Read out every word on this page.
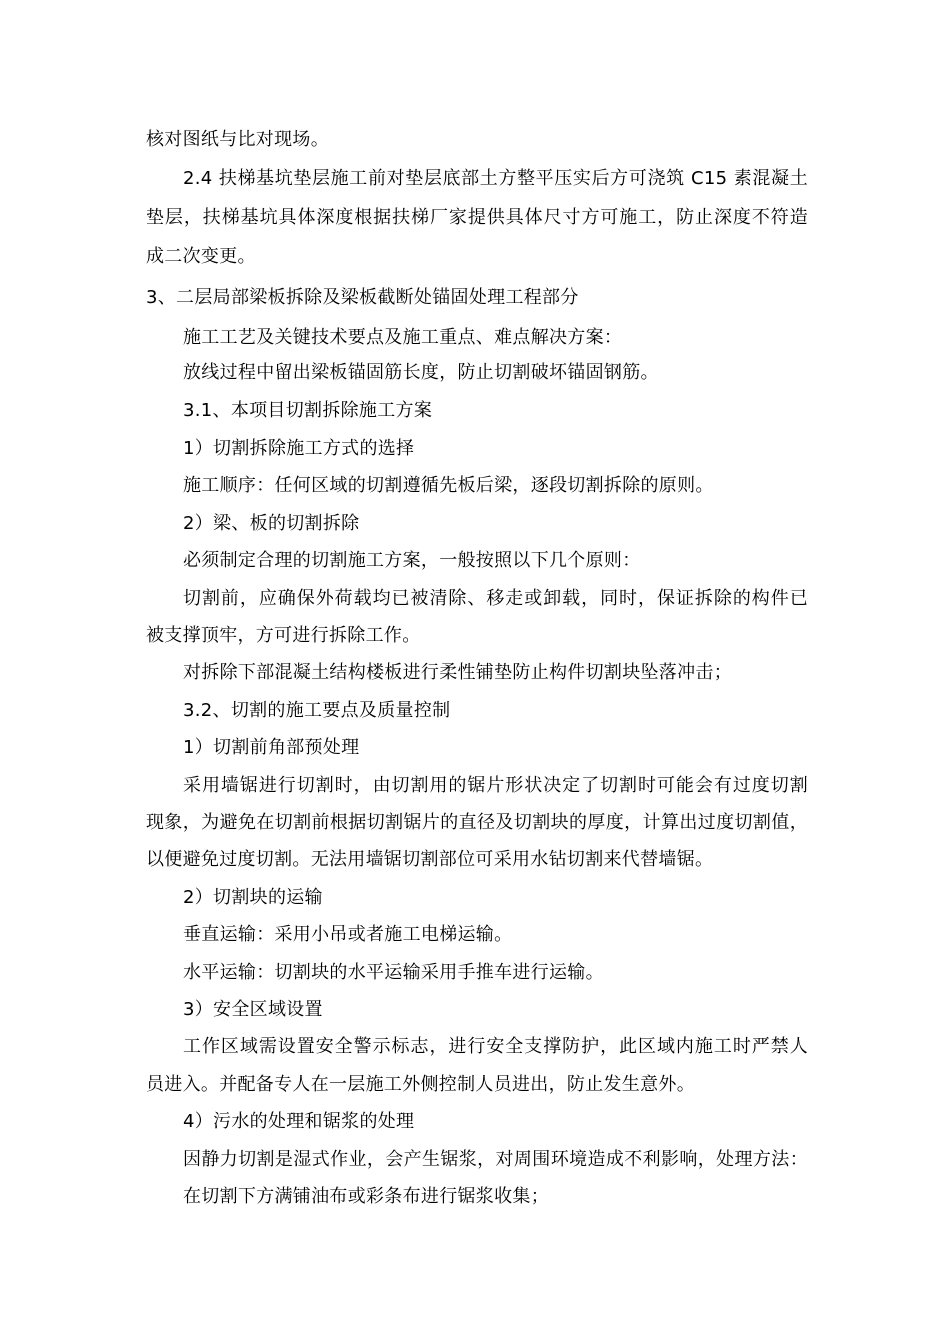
核对图纸与比对现场。
2.4 扶梯基坑垫层施工前对垫层底部土方整平压实后方可浇筑 C15 素混凝土
垫层，扶梯基坑具体深度根据扶梯厂家提供具体尺寸方可施工，防止深度不符造
成二次变更。
3、二层局部梁板拆除及梁板截断处锚固处理工程部分
施工工艺及关键技术要点及施工重点、难点解决方案：
放线过程中留出梁板锚固筋长度，防止切割破坏锚固钢筋。
3.1、本项目切割拆除施工方案
1）切割拆除施工方式的选择
施工顺序：任何区域的切割遵循先板后梁，逐段切割拆除的原则。
2）梁、板的切割拆除
必须制定合理的切割施工方案，一般按照以下几个原则：
切割前，应确保外荷载均已被清除、移走或卸载，同时，保证拆除的构件已
被支撑顶牢，方可进行拆除工作。
对拆除下部混凝土结构楼板进行柔性铺垫防止构件切割块坠落冲击；
3.2、切割的施工要点及质量控制
1）切割前角部预处理
采用墙锯进行切割时，由切割用的锯片形状决定了切割时可能会有过度切割
现象，为避免在切割前根据切割锯片的直径及切割块的厚度，计算出过度切割值，
以便避免过度切割。无法用墙锯切割部位可采用水钻切割来代替墙锯。
2）切割块的运输
垂直运输：采用小吊或者施工电梯运输。
水平运输：切割块的水平运输采用手推车进行运输。
3）安全区域设置
工作区域需设置安全警示标志，进行安全支撑防护，此区域内施工时严禁人
员进入。并配备专人在一层施工外侧控制人员进出，防止发生意外。
4）污水的处理和锯浆的处理
因静力切割是湿式作业，会产生锯浆，对周围环境造成不利影响，处理方法：
在切割下方满铺油布或彩条布进行锯浆收集；
